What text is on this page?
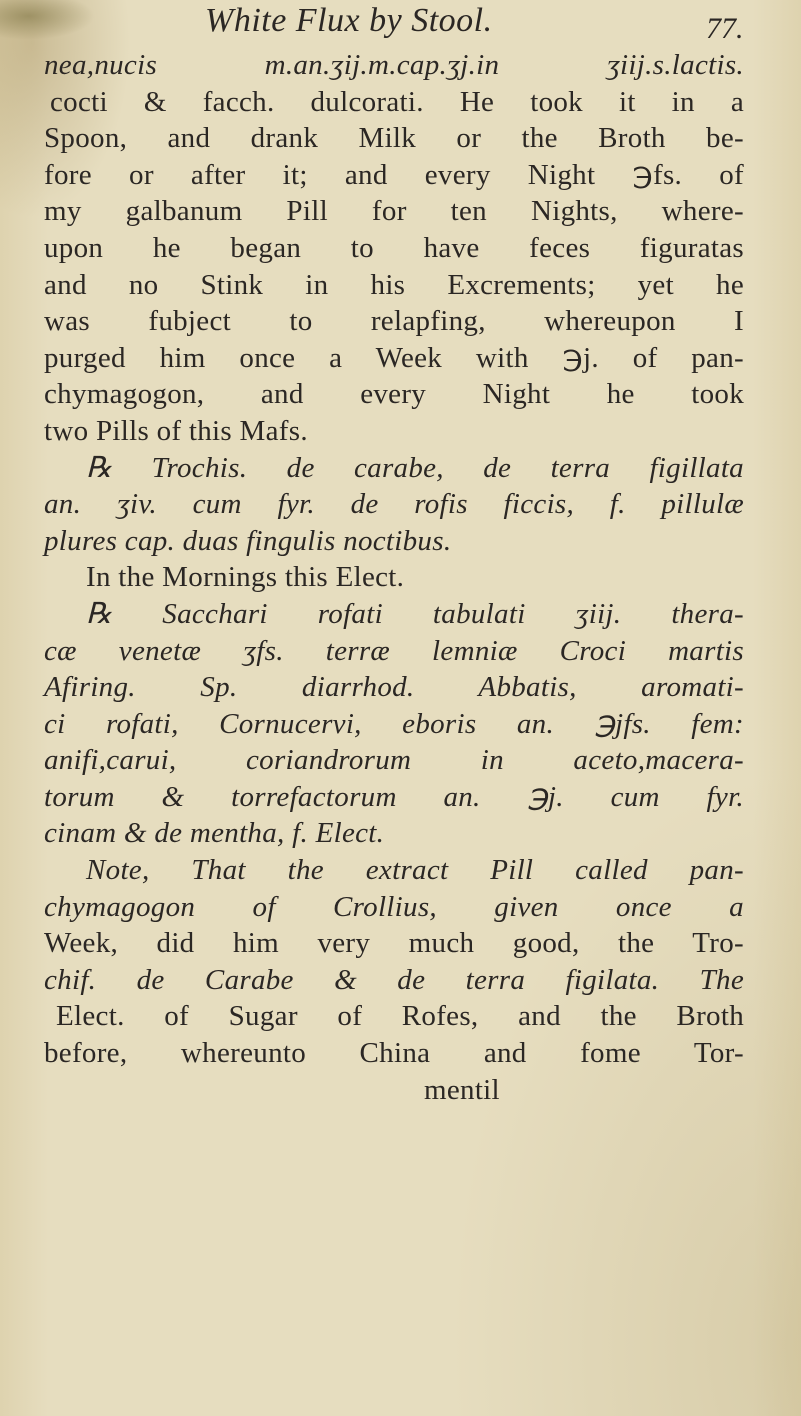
White Flux by Stool.	77.
nea,nucis m.an.ʒij.m.cap.ʒj.in ʒiij.s.lactis.
cocti & facch. dulcorati. He took it in a
Spoon, and drank Milk or the Broth be-
fore or after it; and every Night ℈fs. of
my galbanum Pill for ten Nights, where-
upon he began to have feces figuratas
and no Stink in his Excrements; yet he
was fubject to relapfing, whereupon I
purged him once a Week with ℈j. of pan-
chymagogon, and every Night he took
two Pills of this Mafs.
℞ Trochis. de carabe, de terra figillata
an. ʒiv. cum fyr. de rofis ficcis, f. pillulæ
plures cap. duas fingulis noctibus.
In the Mornings this Elect.
℞ Sacchari rofati tabulati ʒiij. thera-
cæ venetæ ʒfs. terræ lemniæ Croci martis
Afiring. Sp. diarrhod. Abbatis, aromati-
ci rofati, Cornucervi, eboris an. ℈jfs. fem:
anifi,carui, coriandrorum in aceto,macera-
torum & torrefactorum an. ℈j. cum fyr.
cinam & de mentha, f. Elect.
Note, That the extract Pill called pan-
chymagogon of Crollius, given once a
Week, did him very much good, the Tro-
chif. de Carabe & de terra figilata. The
Elect. of Sugar of Rofes, and the Broth
before, whereunto China and fome Tor-
mentil
